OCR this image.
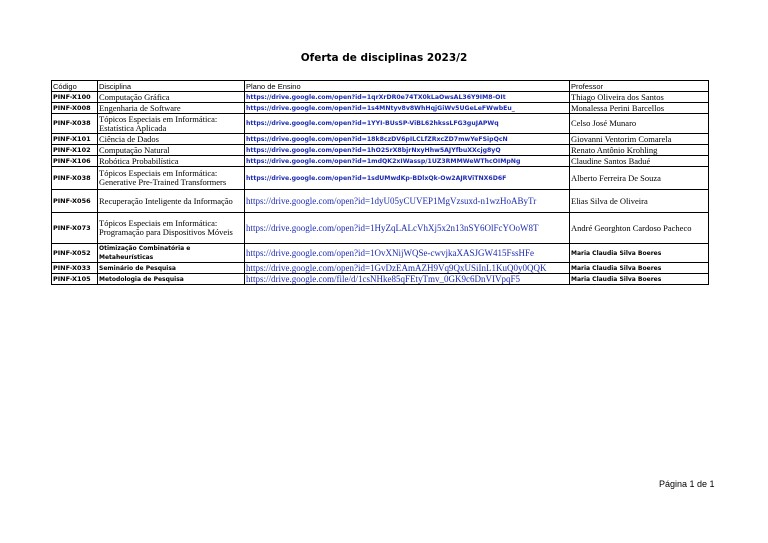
Oferta de disciplinas 2023/2
Código	Disciplina	Plano de Ensino	Professor
PINF-X100	Computação Gráfica	https://drive.google.com/open?id=1qrXrDR0e74TX0kLaOwsAL36Y9IM8-OIt	Thiago Oliveira dos Santos
PINF-X008	Engenharia de Software	https://drive.google.com/open?id=1s4MNtyv8v8WhHqjGiWv5UGeLeFWwbEu_	Monalessa Perini Barcellos
PINF-X038	Tópicos Especiais em Informática: Estatística Aplicada	https://drive.google.com/open?id=1YYI-BUsSP-ViBL62hkssLFG3guJAPWq	Celso José Munaro
PINF-X101	Ciência de Dados	https://drive.google.com/open?id=18k8czDV6pILCLfZRxcZD7mwYeFSipQcN	Giovanni Ventorim Comarela
PINF-X102	Computação Natural	https://drive.google.com/open?id=1hO2SrX8bjrNxyHhw5AJYfbuXXcjg8yQ	Renato Antônio Krohling
PINF-X106	Robótica Probabilística	https://drive.google.com/open?id=1mdQK2xIWassp/1UZ3RMMWeWThcOIMpNg	Claudine Santos Badué
PINF-X038	Tópicos Especiais em Informática: Generative Pre-Trained Transformers	https://drive.google.com/open?id=1sdUMwdKp-BDlxQk-Ow2AJRViTNX6D6F	Alberto Ferreira De Souza
PINF-X056	Recuperação Inteligente da Informação	https://drive.google.com/open?id=1dyU05yCUVEP1MgVzsuxd-n1wzHoAByTr	Elias Silva de Oliveira
PINF-X073	Tópicos Especiais em Informática: Programação para Dispositivos Móveis	https://drive.google.com/open?id=1HyZqLALcVhXj5x2n13nSY6OlFcYOoW8T	André Georghton Cardoso Pacheco
PINF-X052	Otimização Combinatória e Metaheurísticas	https://drive.google.com/open?id=1OvXNijWQSe-cwvjkaXASJGW415FssHFe	Maria Claudia Silva Boeres
PINF-X033	Seminário de Pesquisa	https://drive.google.com/open?id=1GvDzEAmAZH9Vq9QxUSiInL1KuQ0y0QQK	Maria Claudia Silva Boeres
PINF-X105	Metodologia de Pesquisa	https://drive.google.com/file/d/1csNHke85qFEtyTmv_0GK9c6DnVIVpqF5	Maria Claudia Silva Boeres
Página 1 de 1
